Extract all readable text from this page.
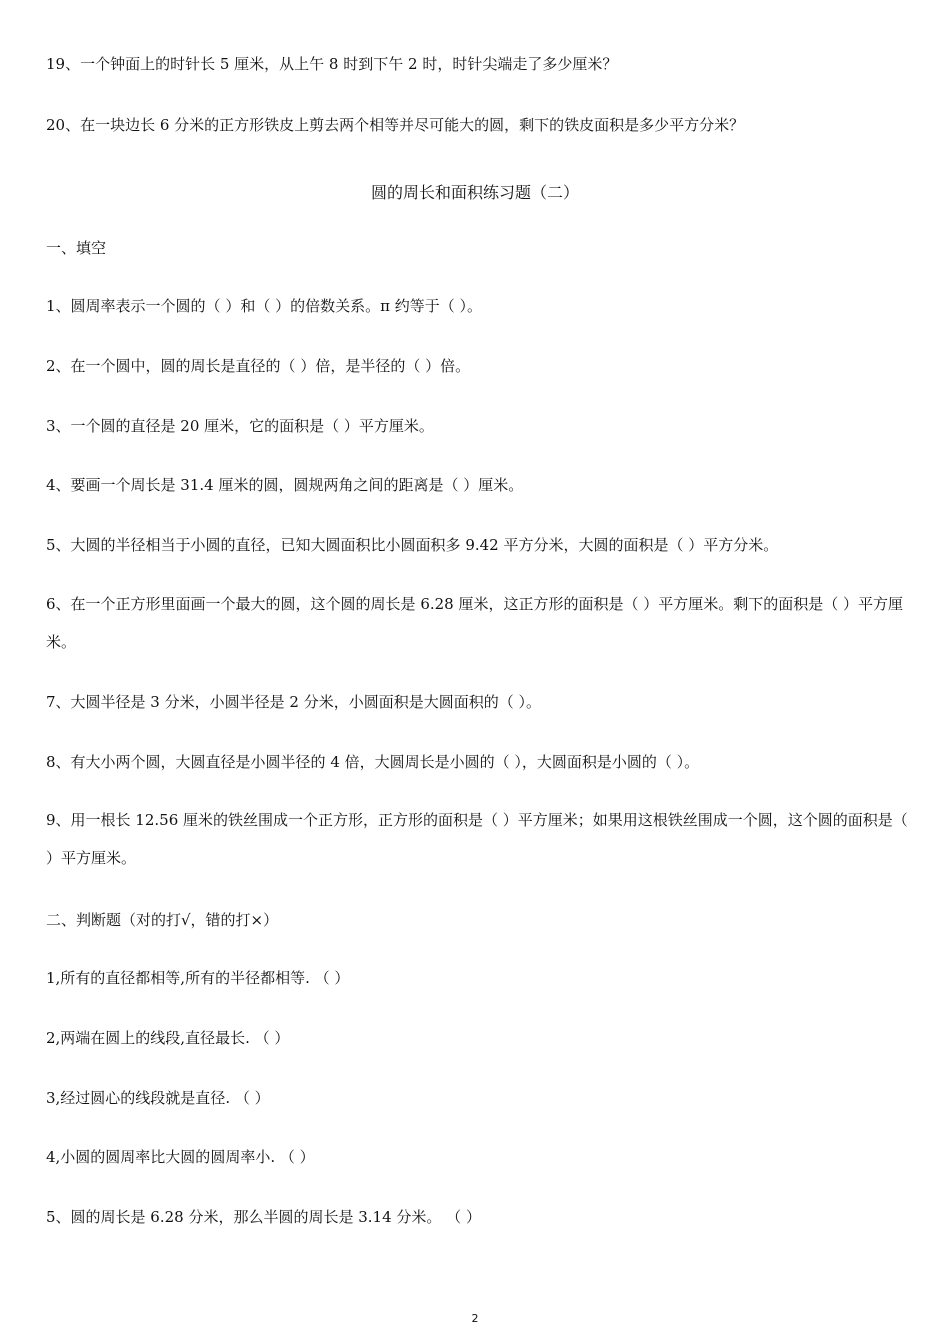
19、一个钟面上的时针长 5 厘米，从上午 8 时到下午 2 时，时针尖端走了多少厘米？
20、在一块边长 6 分米的正方形铁皮上剪去两个相等并尽可能大的圆，剩下的铁皮面积是多少平方分米？
圆的周长和面积练习题（二）
一、填空
1、圆周率表示一个圆的（ ）和（ ）的倍数关系。π 约等于（ ）。
2、在一个圆中，圆的周长是直径的（ ）倍，是半径的（ ）倍。
3、一个圆的直径是 20 厘米，它的面积是（ ）平方厘米。
4、要画一个周长是 31.4 厘米的圆，圆规两角之间的距离是（ ）厘米。
5、大圆的半径相当于小圆的直径，已知大圆面积比小圆面积多 9.42 平方分米，大圆的面积是（ ）平方分米。
6、在一个正方形里面画一个最大的圆，这个圆的周长是 6.28 厘米，这正方形的面积是（ ）平方厘米。剩下的面积是（ ）平方厘米。
7、大圆半径是 3 分米，小圆半径是 2 分米，小圆面积是大圆面积的（ ）。
8、有大小两个圆，大圆直径是小圆半径的 4 倍，大圆周长是小圆的（ ），大圆面积是小圆的（ ）。
9、用一根长 12.56 厘米的铁丝围成一个正方形，正方形的面积是（ ）平方厘米；如果用这根铁丝围成一个圆，这个圆的面积是（ ）平方厘米。
二、判断题（对的打√，错的打×）
1,所有的直径都相等,所有的半径都相等. （ ）
2,两端在圆上的线段,直径最长. （ ）
3,经过圆心的线段就是直径. （ ）
4,小圆的圆周率比大圆的圆周率小. （ ）
5、圆的周长是 6.28 分米，那么半圆的周长是 3.14 分米。 （ ）
2
